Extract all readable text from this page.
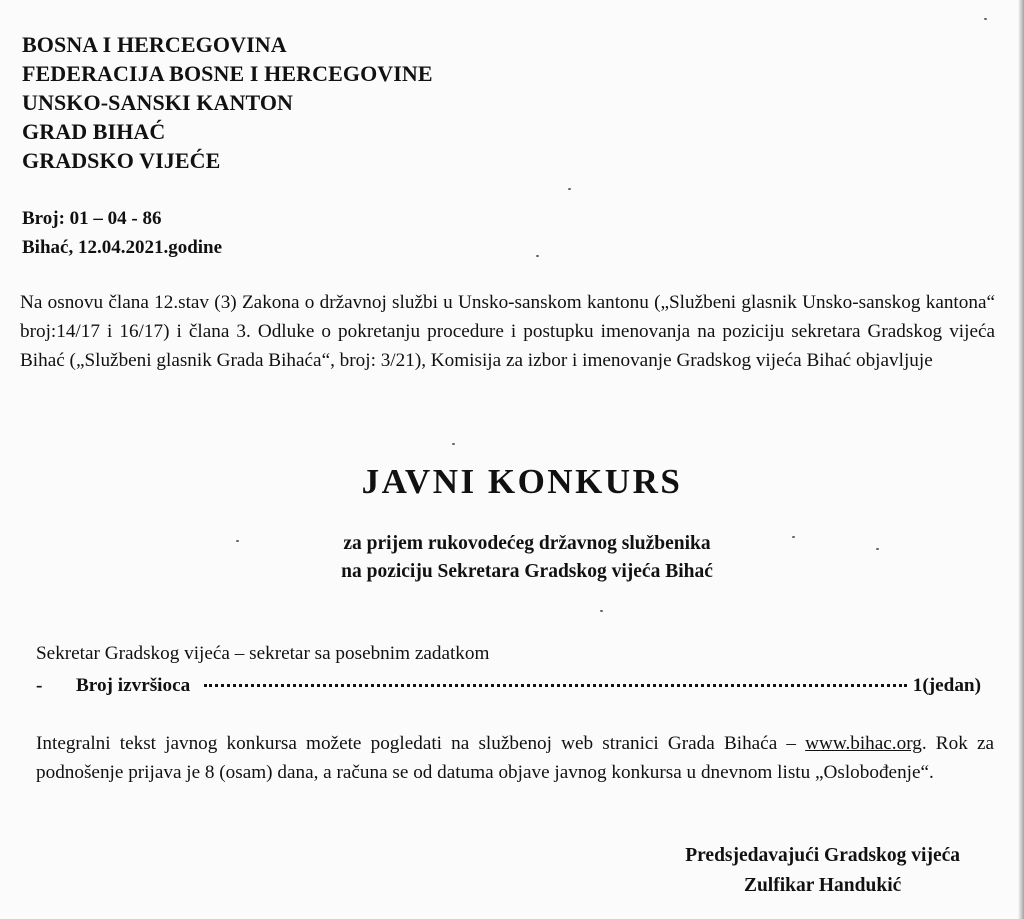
BOSNA I HERCEGOVINA
FEDERACIJA BOSNE I HERCEGOVINE
UNSKO-SANSKI KANTON
GRAD BIHAĆ
GRADSKO VIJEĆE
Broj: 01 – 04 - 86
Bihać, 12.04.2021.godine
Na osnovu člana 12.stav (3) Zakona o državnoj službi u Unsko-sanskom kantonu („Službeni glasnik Unsko-sanskog kantona“ broj:14/17 i 16/17) i člana 3. Odluke o pokretanju procedure i postupku imenovanja na poziciju sekretara Gradskog vijeća Bihać („Službeni glasnik Grada Bihaća“, broj: 3/21), Komisija za izbor i imenovanje Gradskog vijeća Bihać objavljuje
JAVNI KONKURS
za prijem rukovodećeg državnog službenika
na poziciju Sekretara Gradskog vijeća Bihać
Sekretar Gradskog vijeća – sekretar sa posebnim zadatkom
-	Broj izvršioca	1(jedan)
Integralni tekst javnog konkursa možete pogledati na službenoj web stranici Grada Bihaća – www.bihac.org. Rok za podnošenje prijava je 8 (osam) dana, a računa se od datuma objave javnog konkursa u dnevnom listu „Oslobođenje“.
Predsjedavajući Gradskog vijeća
Zulfikar Handukić
